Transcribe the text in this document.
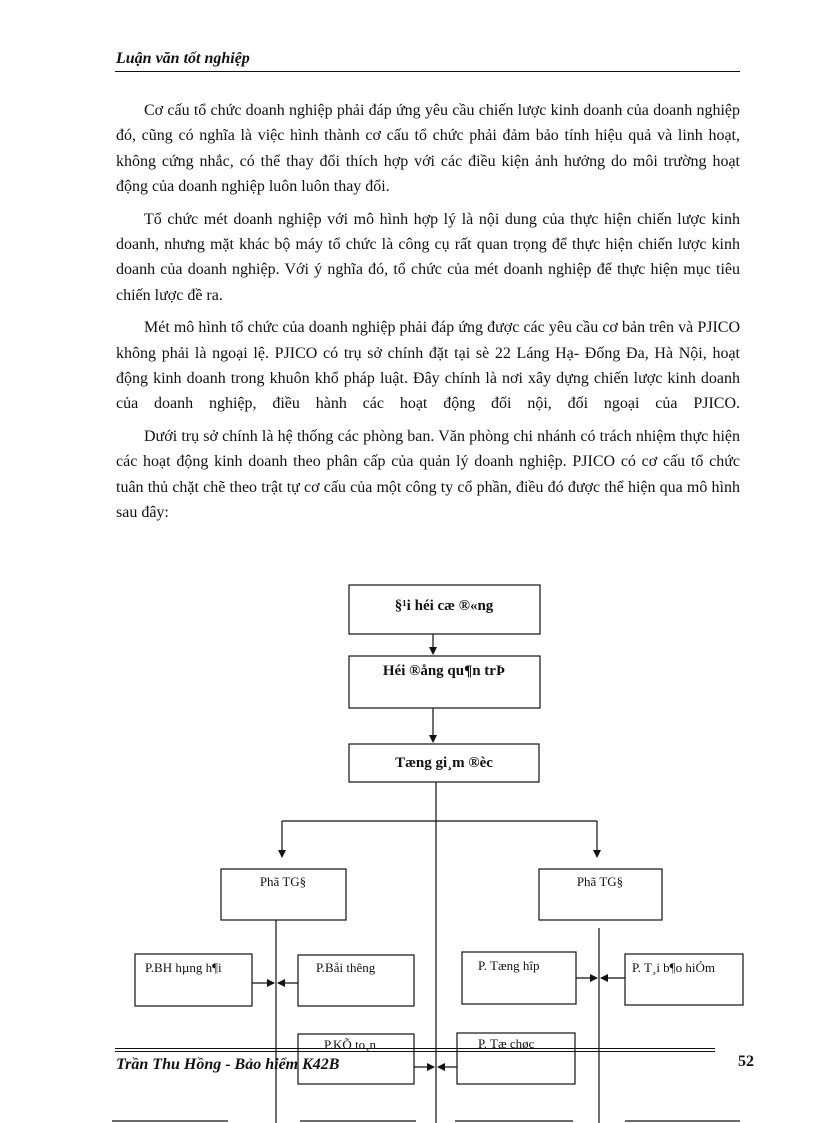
Luận văn tốt nghiệp

Cơ cấu tổ chức doanh nghiệp phải đáp ứng yêu cầu chiến lược kinh doanh của doanh nghiệp đó, cũng có nghĩa là việc hình thành cơ cấu tổ chức phải đảm bảo tính hiệu quả và linh hoạt, không cứng nhắc, có thể thay đổi thích hợp với các điều kiện ảnh hưởng do môi trường hoạt động của doanh nghiệp luôn luôn thay đổi.

Tổ chức mét doanh nghiệp với mô hình hợp lý là nội dung của thực hiện chiến lược kinh doanh, nhưng mặt khác bộ máy tổ chức là công cụ rất quan trọng để thực hiện chiến lược kinh doanh của doanh nghiệp. Với ý nghĩa đó, tổ chức của mét doanh nghiệp để thực hiện mục tiêu chiến lược đề ra.

Mét mô hình tổ chức của doanh nghiệp phải đáp ứng được các yêu cầu cơ bản trên và PJICO không phải là ngoại lệ. PJICO có trụ sở chính đặt tại sè 22 Láng Hạ- Đống Đa, Hà Nội, hoạt động kinh doanh trong khuôn khổ pháp luật. Đây chính là nơi xây dựng chiến lược kinh doanh của doanh nghiệp, điều hành các hoạt động đối nội, đối ngoại của PJICO.

Dưới trụ sở chính là hệ thống các phòng ban. Văn phòng chi nhánh có trách nhiệm thực hiện các hoạt động kinh doanh theo phân cấp của quản lý doanh nghiệp. PJICO có cơ cấu tổ chức tuân thủ chặt chẽ theo trật tự cơ cấu của một công ty cổ phần, điều đó được thể hiện qua mô hình sau đây:

§¹i héi cæ ®«ng
Héi ®ång qu¶n trÞ
Tæng gi¸m ®èc
Phã TG§	Phã TG§
P.BH hµng h¶i	P.Båi thêng	P. Tæng hîp	P. T¸i b¶o hiÓm
P.KÕ to¸n	P. Tæ chøc
Trần Thu Hồng - Bảo hiểm K42B	52
